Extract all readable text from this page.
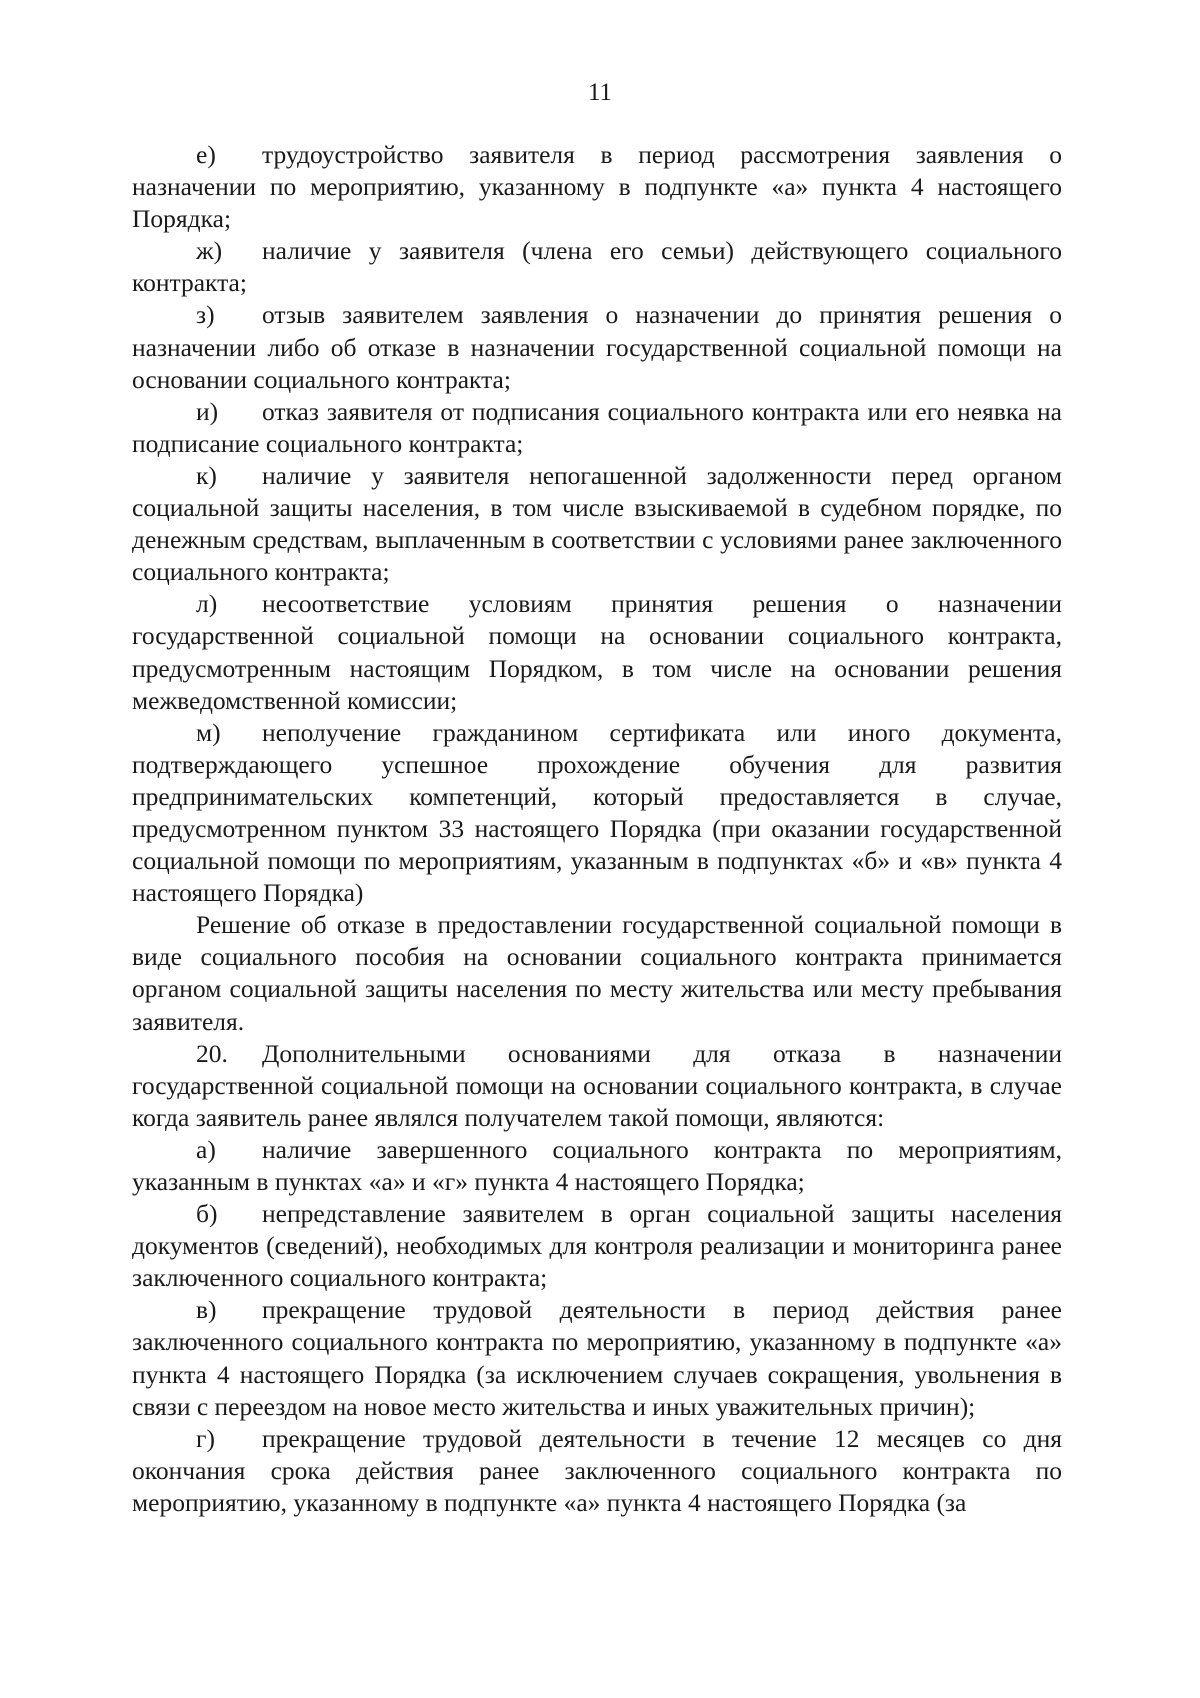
11

е) трудоустройство заявителя в период рассмотрения заявления о назначении по мероприятию, указанному в подпункте «а» пункта 4 настоящего Порядка;

ж) наличие у заявителя (члена его семьи) действующего социального контракта;

з) отзыв заявителем заявления о назначении до принятия решения о назначении либо об отказе в назначении государственной социальной помощи на основании социального контракта;

и) отказ заявителя от подписания социального контракта или его неявка на подписание социального контракта;

к) наличие у заявителя непогашенной задолженности перед органом социальной защиты населения, в том числе взыскиваемой в судебном порядке, по денежным средствам, выплаченным в соответствии с условиями ранее заключенного социального контракта;

л) несоответствие условиям принятия решения о назначении государственной социальной помощи на основании социального контракта, предусмотренным настоящим Порядком, в том числе на основании решения межведомственной комиссии;

м) неполучение гражданином сертификата или иного документа, подтверждающего успешное прохождение обучения для развития предпринимательских компетенций, который предоставляется в случае, предусмотренном пунктом 33 настоящего Порядка (при оказании государственной социальной помощи по мероприятиям, указанным в подпунктах «б» и «в» пункта 4 настоящего Порядка)

Решение об отказе в предоставлении государственной социальной помощи в виде социального пособия на основании социального контракта принимается органом социальной защиты населения по месту жительства или месту пребывания заявителя.

20. Дополнительными основаниями для отказа в назначении государственной социальной помощи на основании социального контракта, в случае когда заявитель ранее являлся получателем такой помощи, являются:

а) наличие завершенного социального контракта по мероприятиям, указанным в пунктах «а» и «г» пункта 4 настоящего Порядка;

б) непредставление заявителем в орган социальной защиты населения документов (сведений), необходимых для контроля реализации и мониторинга ранее заключенного социального контракта;

в) прекращение трудовой деятельности в период действия ранее заключенного социального контракта по мероприятию, указанному в подпункте «а» пункта 4 настоящего Порядка (за исключением случаев сокращения, увольнения в связи с переездом на новое место жительства и иных уважительных причин);

г) прекращение трудовой деятельности в течение 12 месяцев со дня окончания срока действия ранее заключенного социального контракта по мероприятию, указанному в подпункте «а» пункта 4 настоящего Порядка (за
